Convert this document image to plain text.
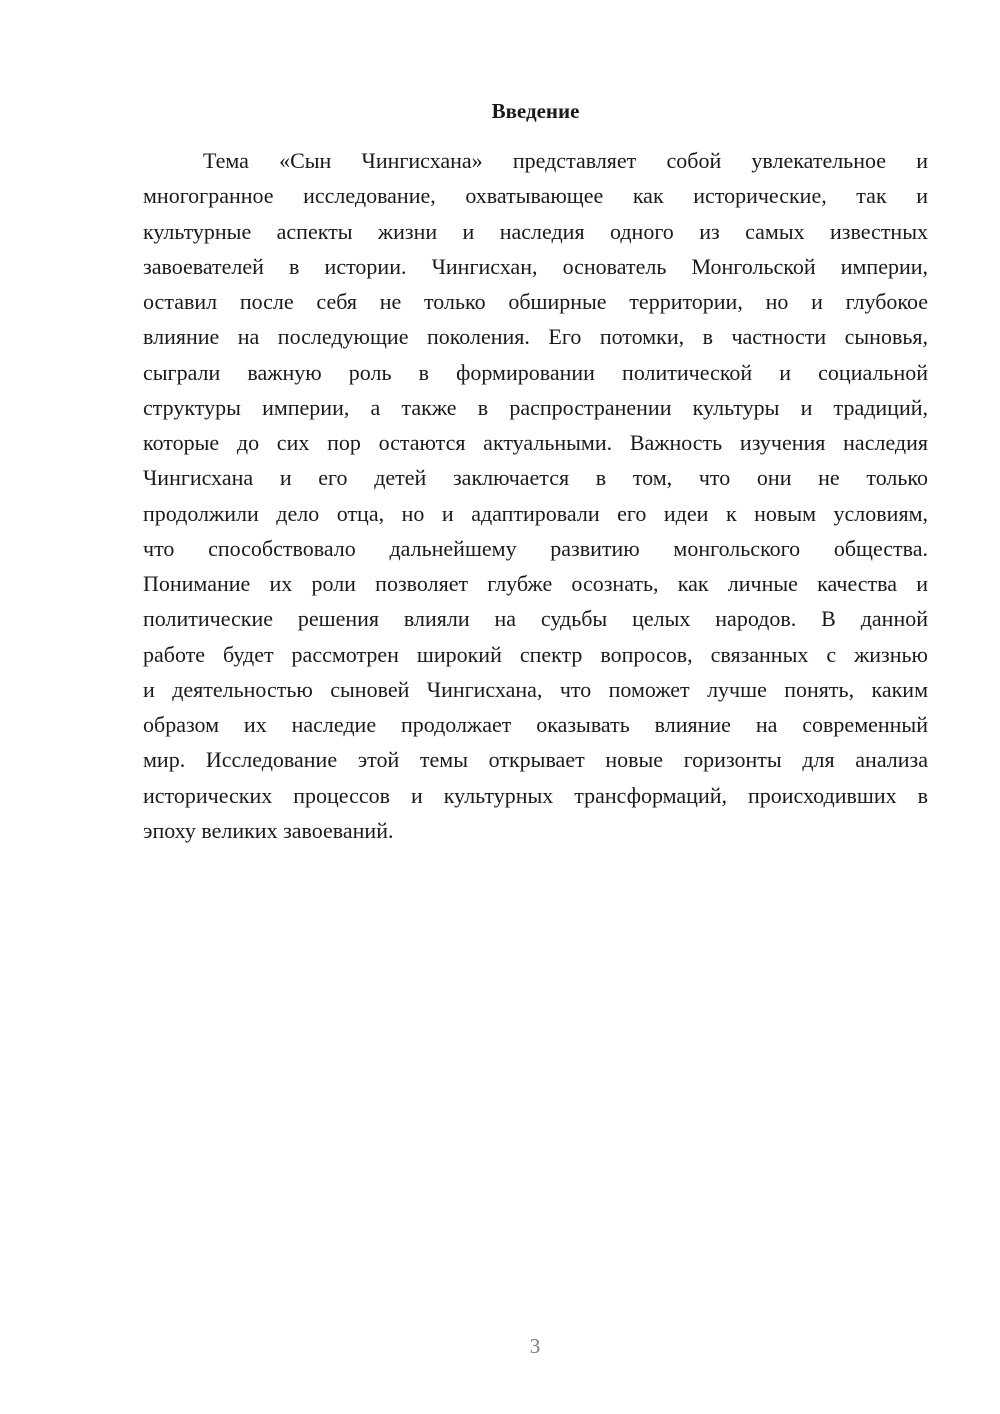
Введение
Тема «Сын Чингисхана» представляет собой увлекательное и
многогранное исследование, охватывающее как исторические, так и
культурные аспекты жизни и наследия одного из самых известных
завоевателей в истории. Чингисхан, основатель Монгольской империи,
оставил после себя не только обширные территории, но и глубокое
влияние на последующие поколения. Его потомки, в частности сыновья,
сыграли важную роль в формировании политической и социальной
структуры империи, а также в распространении культуры и традиций,
которые до сих пор остаются актуальными. Важность изучения наследия
Чингисхана и его детей заключается в том, что они не только
продолжили дело отца, но и адаптировали его идеи к новым условиям,
что способствовало дальнейшему развитию монгольского общества.
Понимание их роли позволяет глубже осознать, как личные качества и
политические решения влияли на судьбы целых народов. В данной
работе будет рассмотрен широкий спектр вопросов, связанных с жизнью
и деятельностью сыновей Чингисхана, что поможет лучше понять, каким
образом их наследие продолжает оказывать влияние на современный
мир. Исследование этой темы открывает новые горизонты для анализа
исторических процессов и культурных трансформаций, происходивших в
эпоху великих завоеваний.
3
